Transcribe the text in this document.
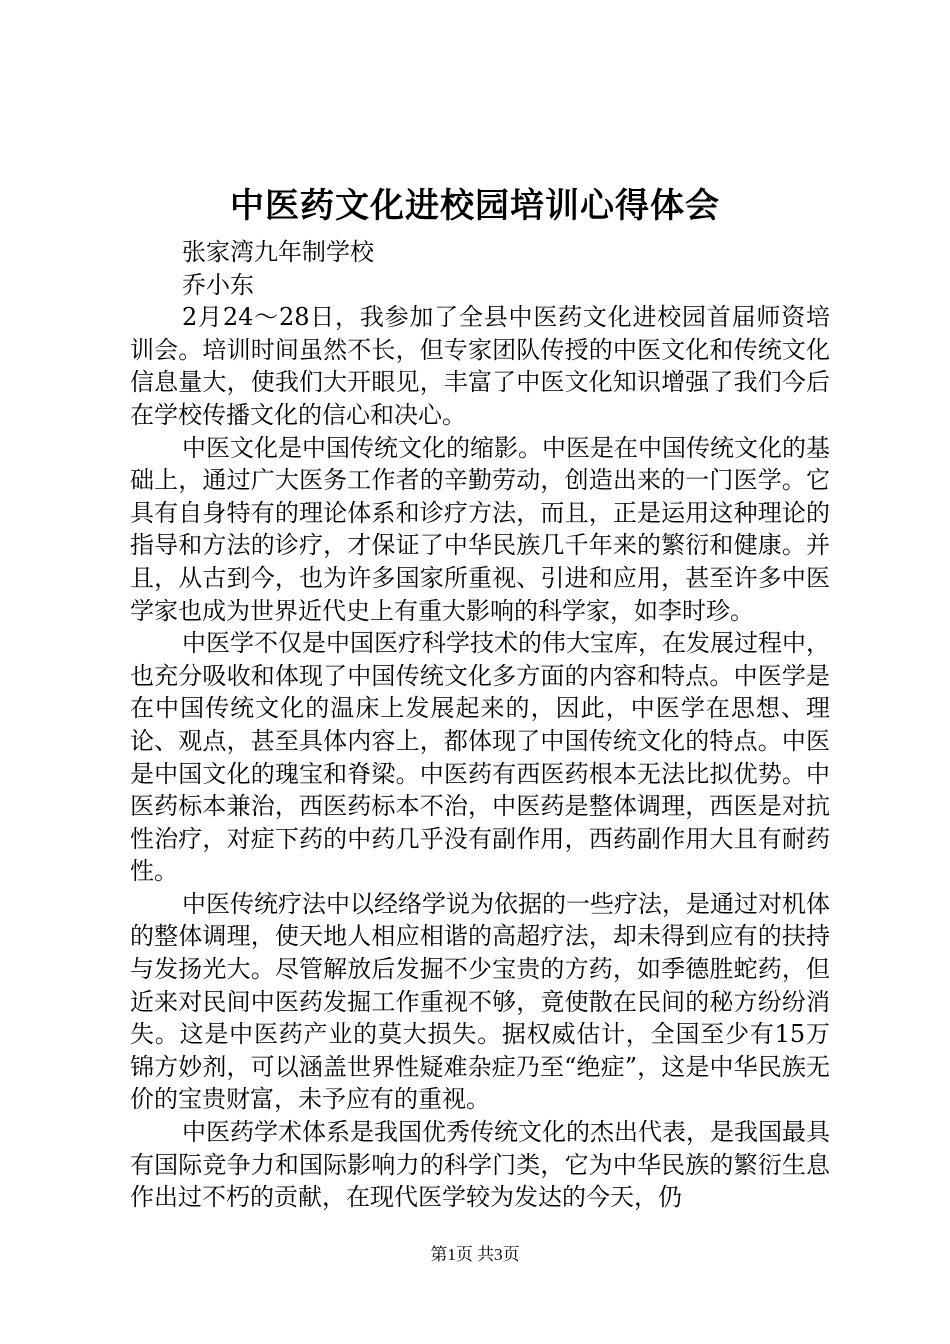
中医药文化进校园培训心得体会
张家湾九年制学校
乔小东

2月24～28日，我参加了全县中医药文化进校园首届师资培训会。培训时间虽然不长，但专家团队传授的中医文化和传统文化信息量大，使我们大开眼见，丰富了中医文化知识增强了我们今后在学校传播文化的信心和决心。

中医文化是中国传统文化的缩影。中医是在中国传统文化的基础上，通过广大医务工作者的辛勤劳动，创造出来的一门医学。它具有自身特有的理论体系和诊疗方法，而且，正是运用这种理论的指导和方法的诊疗，才保证了中华民族几千年来的繁衍和健康。并且，从古到今，也为许多国家所重视、引进和应用，甚至许多中医学家也成为世界近代史上有重大影响的科学家，如李时珍。

中医学不仅是中国医疗科学技术的伟大宝库，在发展过程中，也充分吸收和体现了中国传统文化多方面的内容和特点。中医学是在中国传统文化的温床上发展起来的，因此，中医学在思想、理论、观点，甚至具体内容上，都体现了中国传统文化的特点。中医是中国文化的瑰宝和脊梁。中医药有西医药根本无法比拟优势。中医药标本兼治，西医药标本不治，中医药是整体调理，西医是对抗性治疗，对症下药的中药几乎没有副作用，西药副作用大且有耐药性。

中医传统疗法中以经络学说为依据的一些疗法，是通过对机体的整体调理，使天地人相应相谐的高超疗法，却未得到应有的扶持与发扬光大。尽管解放后发掘不少宝贵的方药，如季德胜蛇药，但近来对民间中医药发掘工作重视不够，竟使散在民间的秘方纷纷消失。这是中医药产业的莫大损失。据权威估计，全国至少有15万锦方妙剂，可以涵盖世界性疑难杂症乃至“绝症”，这是中华民族无价的宝贵财富，未予应有的重视。

中医药学术体系是我国优秀传统文化的杰出代表，是我国最具有国际竞争力和国际影响力的科学门类，它为中华民族的繁衍生息作出过不朽的贡献，在现代医学较为发达的今天，仍

第1页 共3页
